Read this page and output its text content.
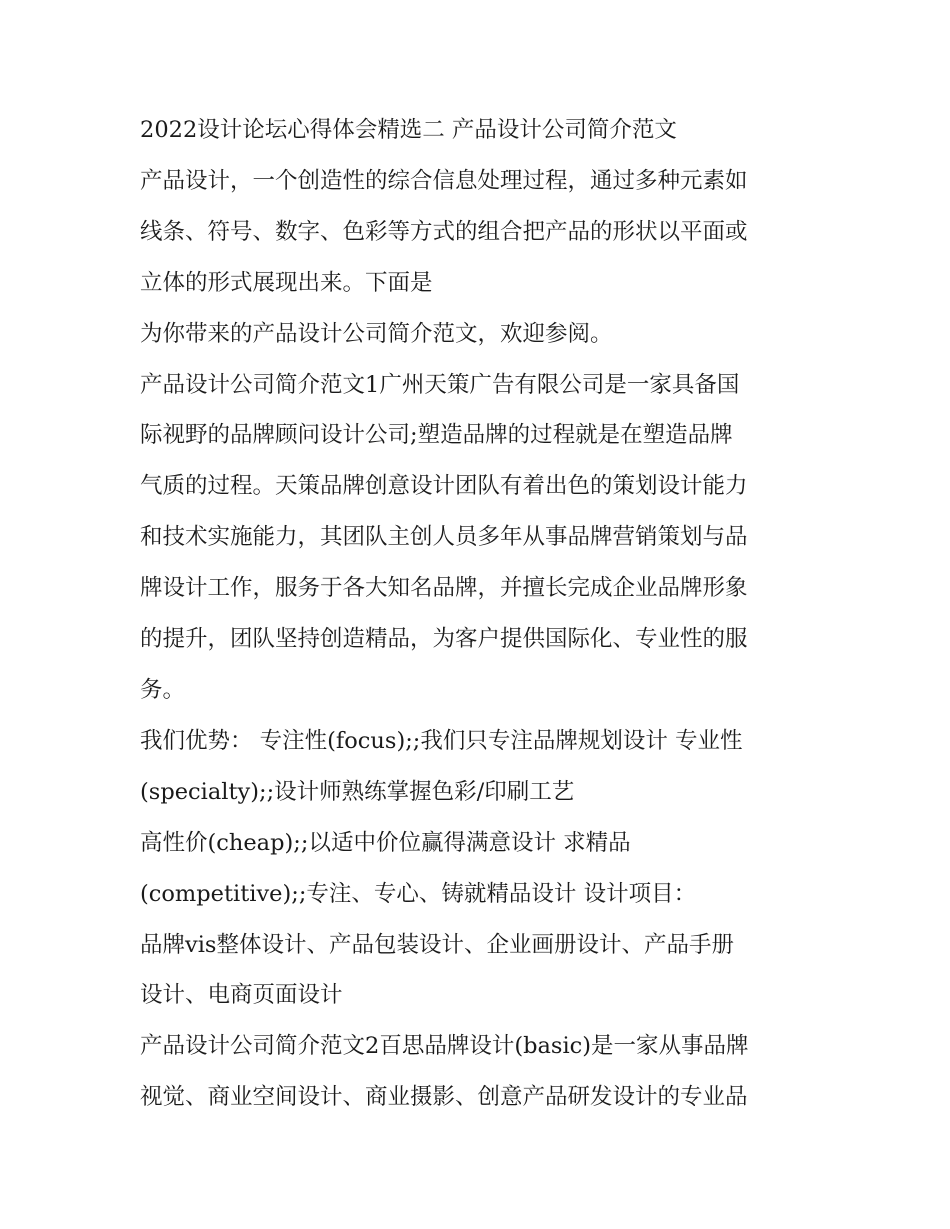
2022设计论坛心得体会精选二 产品设计公司简介范文

产品设计，一个创造性的综合信息处理过程，通过多种元素如
线条、符号、数字、色彩等方式的组合把产品的形状以平面或
立体的形式展现出来。下面是

为你带来的产品设计公司简介范文，欢迎参阅。

产品设计公司简介范文1广州天策广告有限公司是一家具备国
际视野的品牌顾问设计公司;塑造品牌的过程就是在塑造品牌
气质的过程。天策品牌创意设计团队有着出色的策划设计能力
和技术实施能力，其团队主创人员多年从事品牌营销策划与品
牌设计工作，服务于各大知名品牌，并擅长完成企业品牌形象
的提升，团队坚持创造精品，为客户提供国际化、专业性的服
务。

我们优势： 专注性(focus);;我们只专注品牌规划设计 专业性
(specialty);;设计师熟练掌握色彩/印刷工艺

高性价(cheap);;以适中价位赢得满意设计 求精品
(competitive);;专注、专心、铸就精品设计 设计项目：

品牌vis整体设计、产品包装设计、企业画册设计、产品手册
设计、电商页面设计

产品设计公司简介范文2百思品牌设计(basic)是一家从事品牌
视觉、商业空间设计、商业摄影、创意产品研发设计的专业品
